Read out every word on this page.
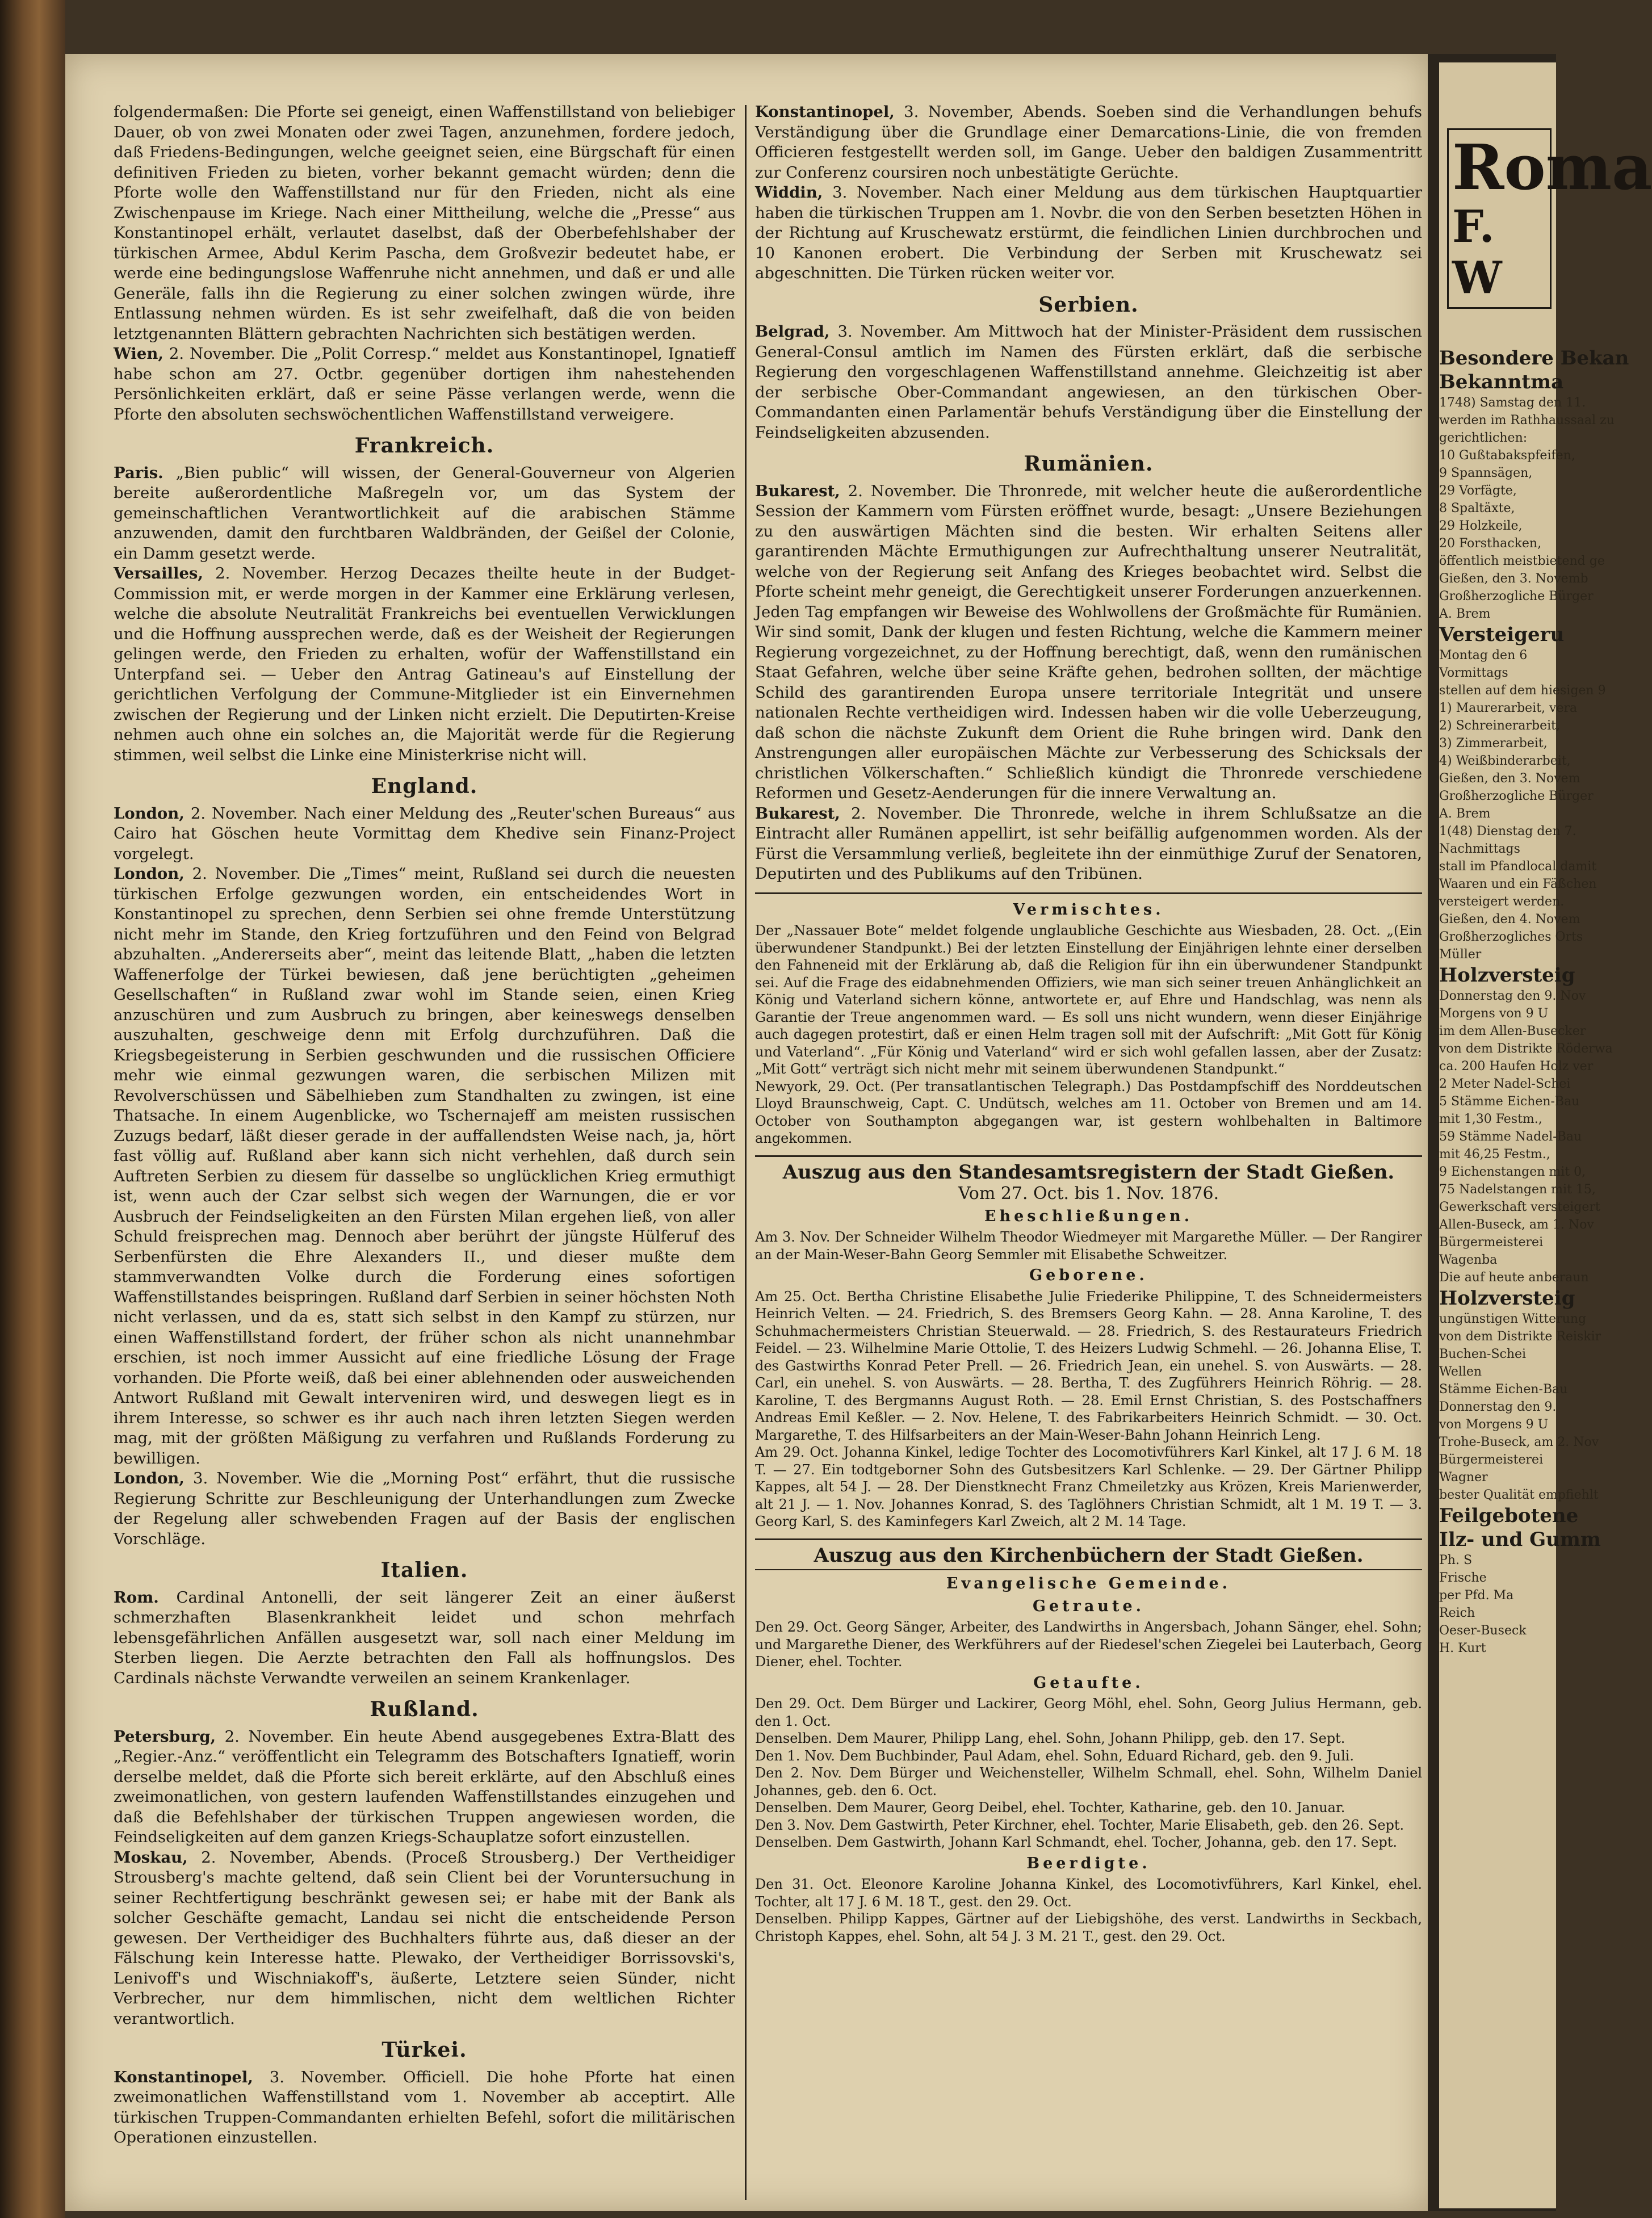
Roma
F. W
Besondere Bekan
Bekanntma
1748) Samstag den 11.
werden im Rathhaussaal zu
gerichtlichen:
10 Gußtabakspfeifen,
9 Spannsägen,
29 Vorfägte,
8 Spaltäxte,
29 Holzkeile,
20 Forsthacken,
öffentlich meistbietend ge
Gießen, den 3. Novemb
Großherzogliche Bürger
A. Brem
Versteigeru
Montag den 6
Vormittags
stellen auf dem hiesigen 9
1) Maurerarbeit, vera
2) Schreinerarbeit,
3) Zimmerarbeit,
4) Weißbinderarbeit,
Gießen, den 3. Novem
Großherzogliche Bürger
A. Brem
1(48) Dienstag den 7.
Nachmittags
stall im Pfandlocal damit
Waaren und ein Fäßchen
versteigert werden.
Gießen, den 4. Novem
Großherzogliches Orts
Müller
Holzversteig
Donnerstag den 9. Nov
Morgens von 9 U
im dem Allen-Busecker
von dem Distrikte Röderwa
ca. 200 Haufen Holz ver
2 Meter Nadel-Schei
5 Stämme Eichen-Bau
mit 1,30 Festm.,
59 Stämme Nadel-Bau
mit 46,25 Festm.,
9 Eichenstangen mit 0,
75 Nadelstangen mit 15,
Gewerkschaft versteigert
Allen-Buseck, am 1. Nov
Bürgermeisterei
Wagenba
Die auf heute anberaun
Holzversteig
ungünstigen Witterung
von dem Distrikte Reiskir
Buchen-Schei
Wellen
Stämme Eichen-Bau
Donnerstag den 9.
von Morgens 9 U
Trohe-Buseck, am 2. Nov
Bürgermeisterei
Wagner
bester Qualität empfiehlt
Feilgebotene
Ilz- und Gumm
Ph. S
Frische
per Pfd. Ma
Reich
Oeser-Buseck
H. Kurt

folgendermaßen: Die Pforte sei geneigt, einen Waffenstillstand von beliebiger Dauer, ob von zwei Monaten oder zwei Tagen, anzunehmen, fordere jedoch, daß Friedens-Bedingungen, welche geeignet seien, eine Bürgschaft für einen definitiven Frieden zu bieten, vorher bekannt gemacht würden; denn die Pforte wolle den Waffenstillstand nur für den Frieden, nicht als eine Zwischenpause im Kriege. Nach einer Mittheilung, welche die „Presse“ aus Konstantinopel erhält, verlautet daselbst, daß der Oberbefehlshaber der türkischen Armee, Abdul Kerim Pascha, dem Großvezir bedeutet habe, er werde eine bedingungslose Waffenruhe nicht annehmen, und daß er und alle Generäle, falls ihn die Regierung zu einer solchen zwingen würde, ihre Entlassung nehmen würden. Es ist sehr zweifelhaft, daß die von beiden letztgenannten Blättern gebrachten Nachrichten sich bestätigen werden.

Wien, 2. November. Die „Polit Corresp.“ meldet aus Konstantinopel, Ignatieff habe schon am 27. Octbr. gegenüber dortigen ihm nahestehenden Persönlichkeiten erklärt, daß er seine Pässe verlangen werde, wenn die Pforte den absoluten sechswöchentlichen Waffenstillstand verweigere.

Frankreich.

Paris. „Bien public“ will wissen, der General-Gouverneur von Algerien bereite außerordentliche Maßregeln vor, um das System der gemeinschaftlichen Verantwortlichkeit auf die arabischen Stämme anzuwenden, damit den furchtbaren Waldbränden, der Geißel der Colonie, ein Damm gesetzt werde.

Versailles, 2. November. Herzog Decazes theilte heute in der Budget-Commission mit, er werde morgen in der Kammer eine Erklärung verlesen, welche die absolute Neutralität Frankreichs bei eventuellen Verwicklungen und die Hoffnung aussprechen werde, daß es der Weisheit der Regierungen gelingen werde, den Frieden zu erhalten, wofür der Waffenstillstand ein Unterpfand sei. — Ueber den Antrag Gatineau's auf Einstellung der gerichtlichen Verfolgung der Commune-Mitglieder ist ein Einvernehmen zwischen der Regierung und der Linken nicht erzielt. Die Deputirten-Kreise nehmen auch ohne ein solches an, die Majorität werde für die Regierung stimmen, weil selbst die Linke eine Ministerkrise nicht will.

England.

London, 2. November. Nach einer Meldung des „Reuter'schen Bureaus“ aus Cairo hat Göschen heute Vormittag dem Khedive sein Finanz-Project vorgelegt.

London, 2. November. Die „Times“ meint, Rußland sei durch die neuesten türkischen Erfolge gezwungen worden, ein entscheidendes Wort in Konstantinopel zu sprechen, denn Serbien sei ohne fremde Unterstützung nicht mehr im Stande, den Krieg fortzuführen und den Feind von Belgrad abzuhalten. „Andererseits aber“, meint das leitende Blatt, „haben die letzten Waffenerfolge der Türkei bewiesen, daß jene berüchtigten „geheimen Gesellschaften“ in Rußland zwar wohl im Stande seien, einen Krieg anzuschüren und zum Ausbruch zu bringen, aber keineswegs denselben auszuhalten, geschweige denn mit Erfolg durchzuführen. Daß die Kriegsbegeisterung in Serbien geschwunden und die russischen Officiere mehr wie einmal gezwungen waren, die serbischen Milizen mit Revolverschüssen und Säbelhieben zum Standhalten zu zwingen, ist eine Thatsache. In einem Augenblicke, wo Tschernajeff am meisten russischen Zuzugs bedarf, läßt dieser gerade in der auffallendsten Weise nach, ja, hört fast völlig auf. Rußland aber kann sich nicht verhehlen, daß durch sein Auftreten Serbien zu diesem für dasselbe so unglücklichen Krieg ermuthigt ist, wenn auch der Czar selbst sich wegen der Warnungen, die er vor Ausbruch der Feindseligkeiten an den Fürsten Milan ergehen ließ, von aller Schuld freisprechen mag. Dennoch aber berührt der jüngste Hülferuf des Serbenfürsten die Ehre Alexanders II., und dieser mußte dem stammverwandten Volke durch die Forderung eines sofortigen Waffenstillstandes beispringen. Rußland darf Serbien in seiner höchsten Noth nicht verlassen, und da es, statt sich selbst in den Kampf zu stürzen, nur einen Waffenstillstand fordert, der früher schon als nicht unannehmbar erschien, ist noch immer Aussicht auf eine friedliche Lösung der Frage vorhanden. Die Pforte weiß, daß bei einer ablehnenden oder ausweichenden Antwort Rußland mit Gewalt interveniren wird, und deswegen liegt es in ihrem Interesse, so schwer es ihr auch nach ihren letzten Siegen werden mag, mit der größten Mäßigung zu verfahren und Rußlands Forderung zu bewilligen.

London, 3. November. Wie die „Morning Post“ erfährt, thut die russische Regierung Schritte zur Beschleunigung der Unterhandlungen zum Zwecke der Regelung aller schwebenden Fragen auf der Basis der englischen Vorschläge.

Italien.

Rom. Cardinal Antonelli, der seit längerer Zeit an einer äußerst schmerzhaften Blasenkrankheit leidet und schon mehrfach lebensgefährlichen Anfällen ausgesetzt war, soll nach einer Meldung im Sterben liegen. Die Aerzte betrachten den Fall als hoffnungslos. Des Cardinals nächste Verwandte verweilen an seinem Krankenlager.

Rußland.

Petersburg, 2. November. Ein heute Abend ausgegebenes Extra-Blatt des „Regier.-Anz.“ veröffentlicht ein Telegramm des Botschafters Ignatieff, worin derselbe meldet, daß die Pforte sich bereit erklärte, auf den Abschluß eines zweimonatlichen, von gestern laufenden Waffenstillstandes einzugehen und daß die Befehlshaber der türkischen Truppen angewiesen worden, die Feindseligkeiten auf dem ganzen Kriegs-Schauplatze sofort einzustellen.

Moskau, 2. November, Abends. (Proceß Strousberg.) Der Vertheidiger Strousberg's machte geltend, daß sein Client bei der Voruntersuchung in seiner Rechtfertigung beschränkt gewesen sei; er habe mit der Bank als solcher Geschäfte gemacht, Landau sei nicht die entscheidende Person gewesen. Der Vertheidiger des Buchhalters führte aus, daß dieser an der Fälschung kein Interesse hatte. Plewako, der Vertheidiger Borrissovski's, Lenivoff's und Wischniakoff's, äußerte, Letztere seien Sünder, nicht Verbrecher, nur dem himmlischen, nicht dem weltlichen Richter verantwortlich.

Türkei.

Konstantinopel, 3. November. Officiell. Die hohe Pforte hat einen zweimonatlichen Waffenstillstand vom 1. November ab acceptirt. Alle türkischen Truppen-Commandanten erhielten Befehl, sofort die militärischen Operationen einzustellen.

Konstantinopel, 3. November, Abends. Soeben sind die Verhandlungen behufs Verständigung über die Grundlage einer Demarcations-Linie, die von fremden Officieren festgestellt werden soll, im Gange. Ueber den baldigen Zusammentritt zur Conferenz coursiren noch unbestätigte Gerüchte.

Widdin, 3. November. Nach einer Meldung aus dem türkischen Hauptquartier haben die türkischen Truppen am 1. Novbr. die von den Serben besetzten Höhen in der Richtung auf Kruschewatz erstürmt, die feindlichen Linien durchbrochen und 10 Kanonen erobert. Die Verbindung der Serben mit Kruschewatz sei abgeschnitten. Die Türken rücken weiter vor.

Serbien.

Belgrad, 3. November. Am Mittwoch hat der Minister-Präsident dem russischen General-Consul amtlich im Namen des Fürsten erklärt, daß die serbische Regierung den vorgeschlagenen Waffenstillstand annehme. Gleichzeitig ist aber der serbische Ober-Commandant angewiesen, an den türkischen Ober-Commandanten einen Parlamentär behufs Verständigung über die Einstellung der Feindseligkeiten abzusenden.

Rumänien.

Bukarest, 2. November. Die Thronrede, mit welcher heute die außerordentliche Session der Kammern vom Fürsten eröffnet wurde, besagt: „Unsere Beziehungen zu den auswärtigen Mächten sind die besten. Wir erhalten Seitens aller garantirenden Mächte Ermuthigungen zur Aufrechthaltung unserer Neutralität, welche von der Regierung seit Anfang des Krieges beobachtet wird. Selbst die Pforte scheint mehr geneigt, die Gerechtigkeit unserer Forderungen anzuerkennen. Jeden Tag empfangen wir Beweise des Wohlwollens der Großmächte für Rumänien. Wir sind somit, Dank der klugen und festen Richtung, welche die Kammern meiner Regierung vorgezeichnet, zu der Hoffnung berechtigt, daß, wenn den rumänischen Staat Gefahren, welche über seine Kräfte gehen, bedrohen sollten, der mächtige Schild des garantirenden Europa unsere territoriale Integrität und unsere nationalen Rechte vertheidigen wird. Indessen haben wir die volle Ueberzeugung, daß schon die nächste Zukunft dem Orient die Ruhe bringen wird. Dank den Anstrengungen aller europäischen Mächte zur Verbesserung des Schicksals der christlichen Völkerschaften.“ Schließlich kündigt die Thronrede verschiedene Reformen und Gesetz-Aenderungen für die innere Verwaltung an.

Bukarest, 2. November. Die Thronrede, welche in ihrem Schlußsatze an die Eintracht aller Rumänen appellirt, ist sehr beifällig aufgenommen worden. Als der Fürst die Versammlung verließ, begleitete ihn der einmüthige Zuruf der Senatoren, Deputirten und des Publikums auf den Tribünen.

Vermischtes.

Der „Nassauer Bote“ meldet folgende unglaubliche Geschichte aus Wiesbaden, 28. Oct. „(Ein überwundener Standpunkt.) Bei der letzten Einstellung der Einjährigen lehnte einer derselben den Fahneneid mit der Erklärung ab, daß die Religion für ihn ein überwundener Standpunkt sei. Auf die Frage des eidabnehmenden Offiziers, wie man sich seiner treuen Anhänglichkeit an König und Vaterland sichern könne, antwortete er, auf Ehre und Handschlag, was nenn als Garantie der Treue angenommen ward. — Es soll uns nicht wundern, wenn dieser Einjährige auch dagegen protestirt, daß er einen Helm tragen soll mit der Aufschrift: „Mit Gott für König und Vaterland“. „Für König und Vaterland“ wird er sich wohl gefallen lassen, aber der Zusatz: „Mit Gott“ verträgt sich nicht mehr mit seinem überwundenen Standpunkt.“

Newyork, 29. Oct. (Per transatlantischen Telegraph.) Das Postdampfschiff des Norddeutschen Lloyd Braunschweig, Capt. C. Undütsch, welches am 11. October von Bremen und am 14. October von Southampton abgegangen war, ist gestern wohlbehalten in Baltimore angekommen.

Auszug aus den Standesamtsregistern der Stadt Gießen.
Vom 27. Oct. bis 1. Nov. 1876.
Eheschließungen.

Am 3. Nov. Der Schneider Wilhelm Theodor Wiedmeyer mit Margarethe Müller. — Der Rangirer an der Main-Weser-Bahn Georg Semmler mit Elisabethe Schweitzer.

Geborene.

Am 25. Oct. Bertha Christine Elisabethe Julie Friederike Philippine, T. des Schneidermeisters Heinrich Velten. — 24. Friedrich, S. des Bremsers Georg Kahn. — 28. Anna Karoline, T. des Schuhmachermeisters Christian Steuerwald. — 28. Friedrich, S. des Restaurateurs Friedrich Feidel. — 23. Wilhelmine Marie Ottolie, T. des Heizers Ludwig Schmehl. — 26. Johanna Elise, T. des Gastwirths Konrad Peter Prell. — 26. Friedrich Jean, ein unehel. S. von Auswärts. — 28. Carl, ein unehel. S. von Auswärts. — 28. Bertha, T. des Zugführers Heinrich Röhrig. — 28. Karoline, T. des Bergmanns August Roth. — 28. Emil Ernst Christian, S. des Postschaffners Andreas Emil Keßler. — 2. Nov. Helene, T. des Fabrikarbeiters Heinrich Schmidt. — 30. Oct. Margarethe, T. des Hilfsarbeiters an der Main-Weser-Bahn Johann Heinrich Leng.

Am 29. Oct. Johanna Kinkel, ledige Tochter des Locomotivführers Karl Kinkel, alt 17 J. 6 M. 18 T. — 27. Ein todtgeborner Sohn des Gutsbesitzers Karl Schlenke. — 29. Der Gärtner Philipp Kappes, alt 54 J. — 28. Der Dienstknecht Franz Chmeiletzky aus Krözen, Kreis Marienwerder, alt 21 J. — 1. Nov. Johannes Konrad, S. des Taglöhners Christian Schmidt, alt 1 M. 19 T. — 3. Georg Karl, S. des Kaminfegers Karl Zweich, alt 2 M. 14 Tage.

Auszug aus den Kirchenbüchern der Stadt Gießen.
Evangelische Gemeinde.
Getraute.

Den 29. Oct. Georg Sänger, Arbeiter, des Landwirths in Angersbach, Johann Sänger, ehel. Sohn; und Margarethe Diener, des Werkführers auf der Riedesel'schen Ziegelei bei Lauterbach, Georg Diener, ehel. Tochter.

Getaufte.

Den 29. Oct. Dem Bürger und Lackirer, Georg Möhl, ehel. Sohn, Georg Julius Hermann, geb. den 1. Oct.

Denselben. Dem Maurer, Philipp Lang, ehel. Sohn, Johann Philipp, geb. den 17. Sept.

Den 1. Nov. Dem Buchbinder, Paul Adam, ehel. Sohn, Eduard Richard, geb. den 9. Juli.

Den 2. Nov. Dem Bürger und Weichensteller, Wilhelm Schmall, ehel. Sohn, Wilhelm Daniel Johannes, geb. den 6. Oct.

Denselben. Dem Maurer, Georg Deibel, ehel. Tochter, Katharine, geb. den 10. Januar.

Den 3. Nov. Dem Gastwirth, Peter Kirchner, ehel. Tochter, Marie Elisabeth, geb. den 26. Sept.

Denselben. Dem Gastwirth, Johann Karl Schmandt, ehel. Tocher, Johanna, geb. den 17. Sept.

Beerdigte.

Den 31. Oct. Eleonore Karoline Johanna Kinkel, des Locomotivführers, Karl Kinkel, ehel. Tochter, alt 17 J. 6 M. 18 T., gest. den 29. Oct.

Denselben. Philipp Kappes, Gärtner auf der Liebigshöhe, des verst. Landwirths in Seckbach, Christoph Kappes, ehel. Sohn, alt 54 J. 3 M. 21 T., gest. den 29. Oct.
